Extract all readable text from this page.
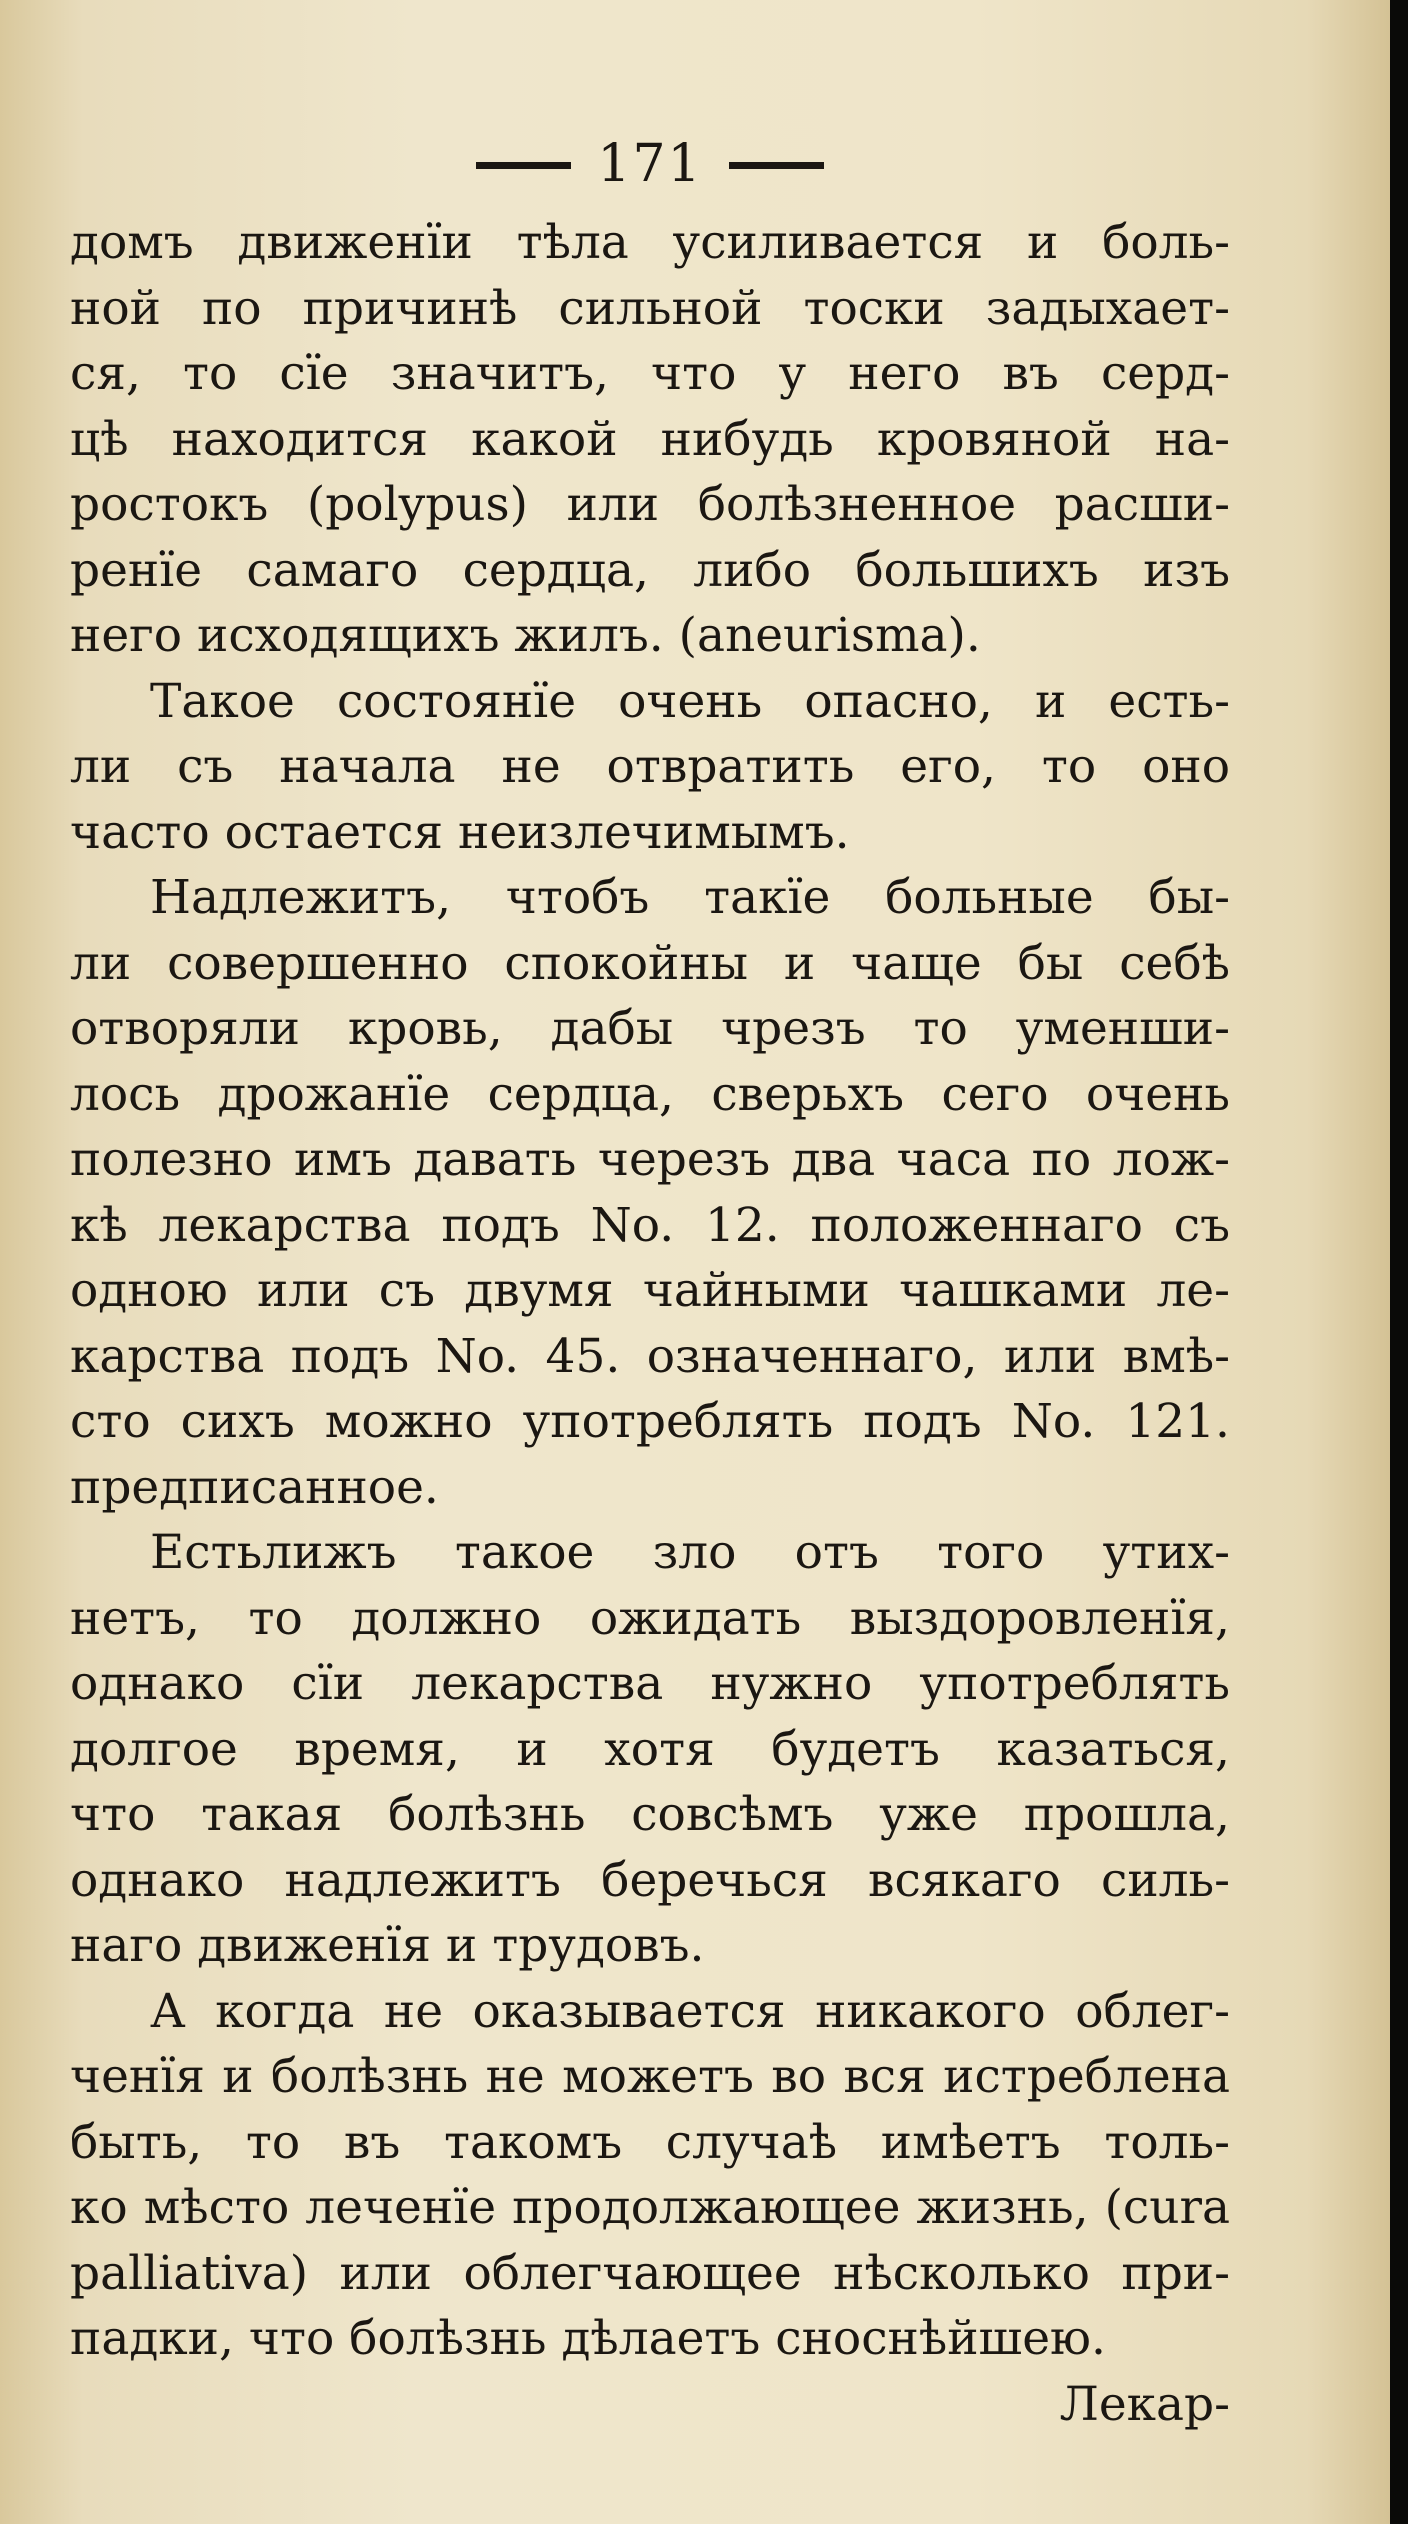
171
домъ движенїи тѣла усиливается и боль-
ной по причинѣ сильной тоски задыхает-
ся, то сїе значитъ, что у него въ серд-
цѣ находится какой нибудь кровяной на-
ростокъ (polypus) или болѣзненное расши-
ренїе самаго сердца, либо большихъ изъ
него исходящихъ жилъ. (aneurisma).
Такое состоянїе очень опасно, и есть-
ли съ начала не отвратить его, то оно
часто остается неизлечимымъ.
Надлежитъ, чтобъ такїе больные бы-
ли совершенно спокойны и чаще бы себѣ
отворяли кровь, дабы чрезъ то уменши-
лось дрожанїе сердца, сверьхъ сего очень
полезно имъ давать черезъ два часа по лож-
кѣ лекарства подъ No. 12. положеннаго съ
одною или съ двумя чайными чашками ле-
карства подъ No. 45. означеннаго, или вмѣ-
сто сихъ можно употреблять подъ No. 121.
предписанное.
Естьлижъ такое зло отъ того утих-
нетъ, то должно ожидать выздоровленїя,
однако сїи лекарства нужно употреблять
долгое время, и хотя будетъ казаться,
что такая болѣзнь совсѣмъ уже прошла,
однако надлежитъ беречься всякаго силь-
наго движенїя и трудовъ.
А когда не оказывается никакого облег-
ченїя и болѣзнь не можетъ во вся истреблена
быть, то въ такомъ случаѣ имѣетъ толь-
ко мѣсто леченїе продолжающее жизнь, (cura
palliativa) или облегчающее нѣсколько при-
падки, что болѣзнь дѣлаетъ снoснѣйшею.
Лекар-
